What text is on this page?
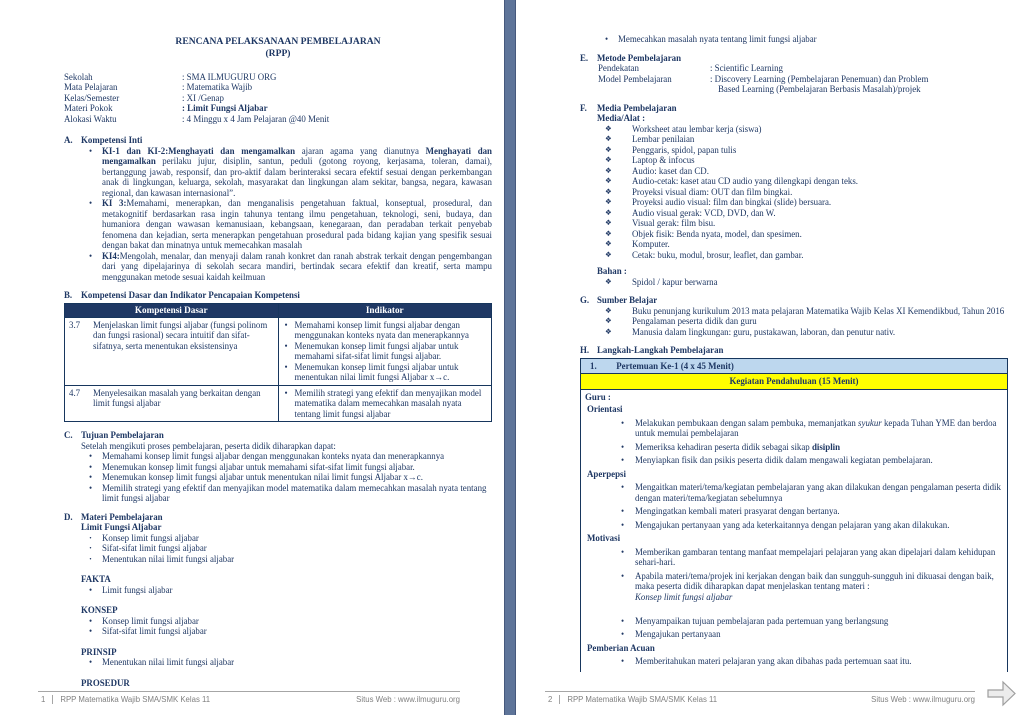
RENCANA PELAKSANAAN PEMBELAJARAN
(RPP)
Sekolah	: SMA ILMUGURU ORG
Mata Pelajaran	: Matematika Wajib
Kelas/Semester	: XI /Genap
Materi Pokok	: Limit Fungsi Aljabar
Alokasi Waktu	: 4 Minggu x 4 Jam Pelajaran @40 Menit
A. Kompetensi Inti
• KI-1 dan KI-2:Menghayati dan mengamalkan ajaran agama yang dianutnya Menghayati dan mengamalkan perilaku jujur, disiplin, santun, peduli (gotong royong, kerjasama, toleran, damai), bertanggung jawab, responsif, dan pro-aktif dalam berinteraksi secara efektif sesuai dengan perkembangan anak di lingkungan, keluarga, sekolah, masyarakat dan lingkungan alam sekitar, bangsa, negara, kawasan regional, dan kawasan internasional”.
• KI 3:Memahami, menerapkan, dan menganalisis pengetahuan faktual, konseptual, prosedural, dan metakognitif berdasarkan rasa ingin tahunya tentang ilmu pengetahuan, teknologi, seni, budaya, dan humaniora dengan wawasan kemanusiaan, kebangsaan, kenegaraan, dan peradaban terkait penyebab fenomena dan kejadian, serta menerapkan pengetahuan prosedural pada bidang kajian yang spesifik sesuai dengan bakat dan minatnya untuk memecahkan masalah
• KI4:Mengolah, menalar, dan menyaji dalam ranah konkret dan ranah abstrak terkait dengan pengembangan dari yang dipelajarinya di sekolah secara mandiri, bertindak secara efektif dan kreatif, serta mampu menggunakan metode sesuai kaidah keilmuan
B. Kompetensi Dasar dan Indikator Pencapaian Kompetensi
Kompetensi Dasar	Indikator

3.7	Menjelaskan limit fungsi aljabar (fungsi polinom dan fungsi rasional) secara intuitif dan sifat-sifatnya, serta menentukan eksistensinya

• Memahami konsep limit fungsi aljabar dengan menggunakan konteks nyata dan menerapkannya
• Menemukan konsep limit fungsi aljabar untuk memahami sifat-sifat limit fungsi aljabar.
• Menemukan konsep limit fungsi aljabar untuk menentukan nilai limit fungsi Aljabar x→c.

4.7	Menyelesaikan masalah yang berkaitan dengan limit fungsi aljabar

• Memilih strategi yang efektif dan menyajikan model matematika dalam memecahkan masalah nyata tentang limit fungsi aljabar
C. Tujuan Pembelajaran
Setelah mengikuti proses pembelajaran, peserta didik diharapkan dapat:
• Memahami konsep limit fungsi aljabar dengan menggunakan konteks nyata dan menerapkannya
• Menemukan konsep limit fungsi aljabar untuk memahami sifat-sifat limit fungsi aljabar.
• Menemukan konsep limit fungsi aljabar untuk menentukan nilai limit fungsi Aljabar x→c.
• Memilih strategi yang efektif dan menyajikan model matematika dalam memecahkan masalah nyata tentang limit fungsi aljabar
D. Materi Pembelajaran
Limit Fungsi Aljabar
· Konsep limit fungsi aljabar
· Sifat-sifat limit fungsi aljabar
· Menentukan nilai limit fungsi aljabar
FAKTA
• Limit fungsi aljabar
KONSEP
• Konsep limit fungsi aljabar
• Sifat-sifat limit fungsi aljabar
PRINSIP
• Menentukan nilai limit fungsi aljabar
PROSEDUR
1	RPP Matematika Wajib SMA/SMK Kelas 11	Situs Web : www.ilmuguru.org
• Memecahkan masalah nyata tentang limit fungsi aljabar
E. Metode Pembelajaran
Pendekatan	: Scientific Learning
Model Pembelajaran	: Discovery Learning (Pembelajaran Penemuan) dan Problem
Based Learning (Pembelajaran Berbasis Masalah)/projek
F.	Media Pembelajaran
Media/Alat :
❖ Worksheet atau lembar kerja (siswa)
❖ Lembar penilaian
❖ Penggaris, spidol, papan tulis
❖ Laptop & infocus
❖ Audio: kaset dan CD.
❖ Audio-cetak: kaset atau CD audio yang dilengkapi dengan teks.
❖ Proyeksi visual diam: OUT dan film bingkai.
❖ Proyeksi audio visual: film dan bingkai (slide) bersuara.
❖ Audio visual gerak: VCD, DVD, dan W.
❖ Visual gerak: film bisu.
❖ Objek fisik: Benda nyata, model, dan spesimen.
❖ Komputer.
❖ Cetak: buku, modul, brosur, leaflet, dan gambar.
Bahan :
❖ Spidol / kapur berwarna
G. Sumber Belajar
❖ Buku penunjang kurikulum 2013 mata pelajaran Matematika Wajib Kelas XI Kemendikbud, Tahun 2016
❖ Pengalaman peserta didik dan guru
❖ Manusia dalam lingkungan: guru, pustakawan, laboran, dan penutur nativ.
H. Langkah-Langkah Pembelajaran
1. Pertemuan Ke-1 (4 x 45 Menit)
Kegiatan Pendahuluan (15 Menit)

Guru :
Orientasi
• Melakukan pembukaan dengan salam pembuka, memanjatkan syukur kepada Tuhan YME dan berdoa untuk memulai pembelajaran
• Memeriksa kehadiran peserta didik sebagai sikap disiplin
• Menyiapkan fisik dan psikis peserta didik dalam mengawali kegiatan pembelajaran.
Aperpepsi
• Mengaitkan materi/tema/kegiatan pembelajaran yang akan dilakukan dengan pengalaman peserta didik dengan materi/tema/kegiatan sebelumnya
• Mengingatkan kembali materi prasyarat dengan bertanya.
• Mengajukan pertanyaan yang ada keterkaitannya dengan pelajaran yang akan dilakukan.
Motivasi
• Memberikan gambaran tentang manfaat mempelajari pelajaran yang akan dipelajari dalam kehidupan sehari-hari.
• Apabila materi/tema/projek ini kerjakan dengan baik dan sungguh-sungguh ini dikuasai dengan baik, maka peserta didik diharapkan dapat menjelaskan tentang materi :
Konsep limit fungsi aljabar

• Menyampaikan tujuan pembelajaran pada pertemuan yang berlangsung
• Mengajukan pertanyaan
Pemberian Acuan
• Memberitahukan materi pelajaran yang akan dibahas pada pertemuan saat itu.
2	RPP Matematika Wajib SMA/SMK Kelas 11	Situs Web : www.ilmuguru.org
